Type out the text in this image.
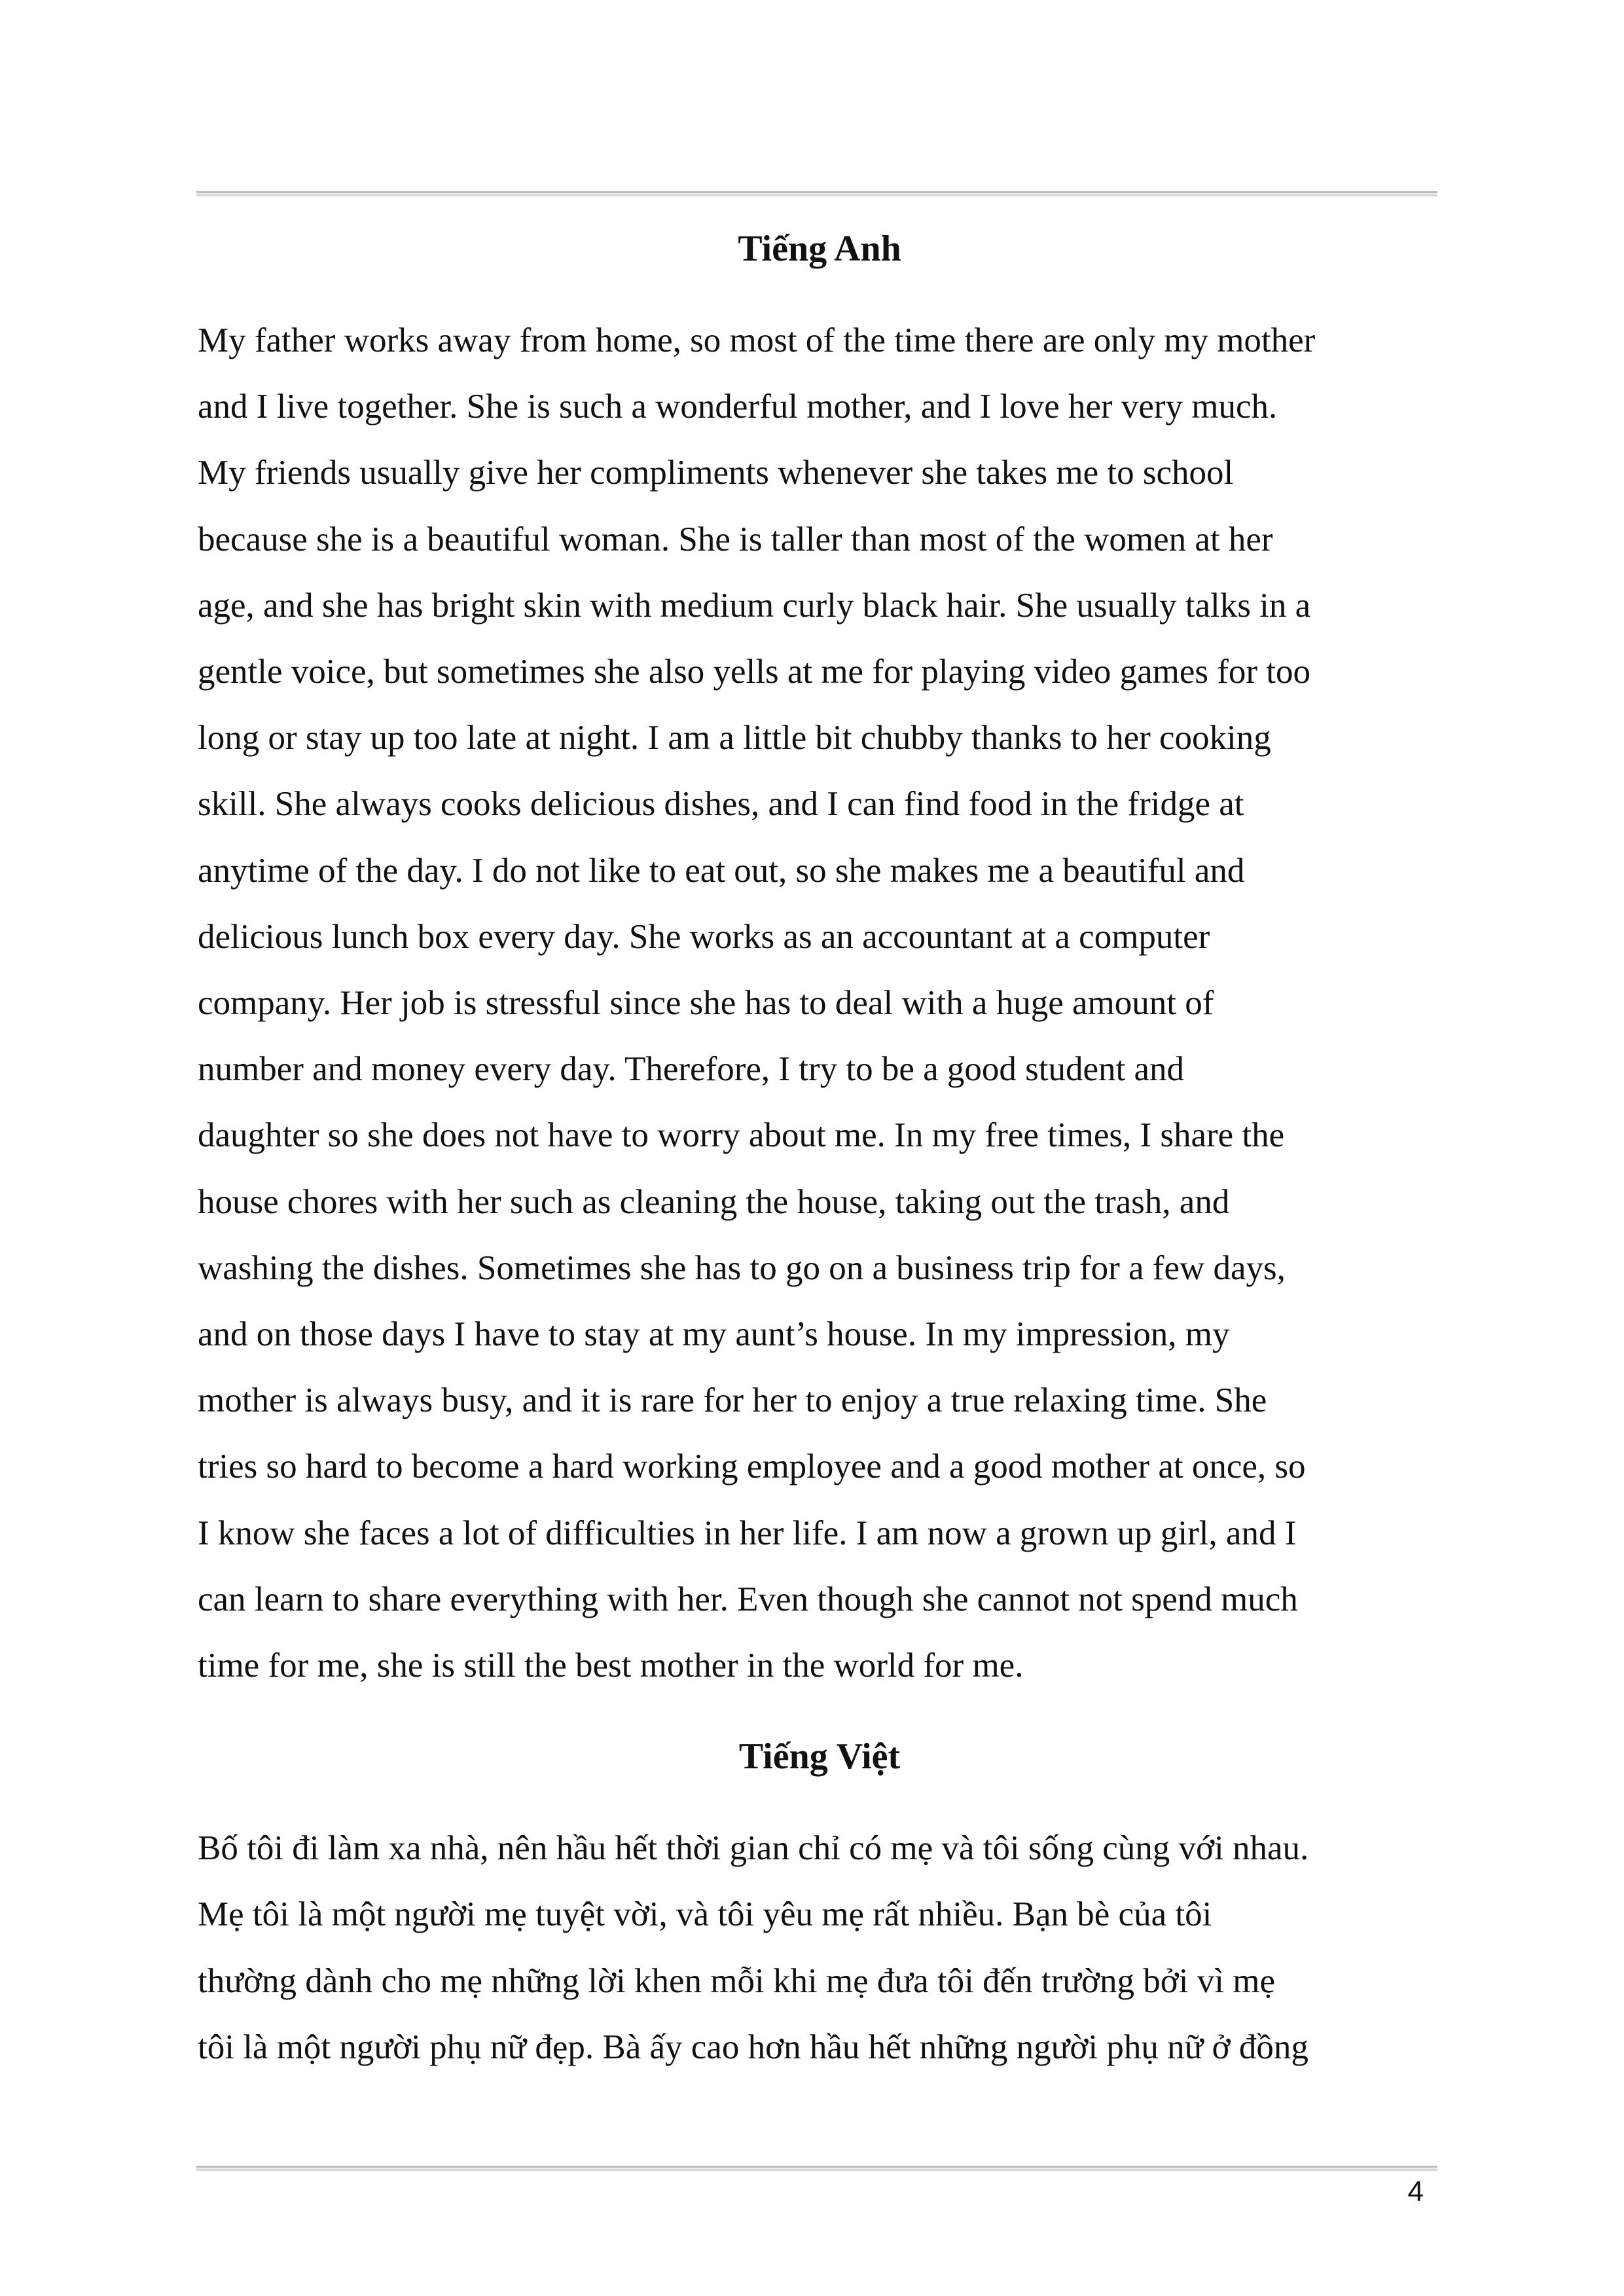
Tiếng Anh

My father works away from home, so most of the time there are only my mother
and I live together. She is such a wonderful mother, and I love her very much.
My friends usually give her compliments whenever she takes me to school
because she is a beautiful woman. She is taller than most of the women at her
age, and she has bright skin with medium curly black hair. She usually talks in a
gentle voice, but sometimes she also yells at me for playing video games for too
long or stay up too late at night. I am a little bit chubby thanks to her cooking
skill. She always cooks delicious dishes, and I can find food in the fridge at
anytime of the day. I do not like to eat out, so she makes me a beautiful and
delicious lunch box every day. She works as an accountant at a computer
company. Her job is stressful since she has to deal with a huge amount of
number and money every day. Therefore, I try to be a good student and
daughter so she does not have to worry about me. In my free times, I share the
house chores with her such as cleaning the house, taking out the trash, and
washing the dishes. Sometimes she has to go on a business trip for a few days,
and on those days I have to stay at my aunt’s house. In my impression, my
mother is always busy, and it is rare for her to enjoy a true relaxing time. She
tries so hard to become a hard working employee and a good mother at once, so
I know she faces a lot of difficulties in her life. I am now a grown up girl, and I
can learn to share everything with her. Even though she cannot not spend much
time for me, she is still the best mother in the world for me.

Tiếng Việt

Bố tôi đi làm xa nhà, nên hầu hết thời gian chỉ có mẹ và tôi sống cùng với nhau.
Mẹ tôi là một người mẹ tuyệt vời, và tôi yêu mẹ rất nhiều. Bạn bè của tôi
thường dành cho mẹ những lời khen mỗi khi mẹ đưa tôi đến trường bởi vì mẹ
tôi là một người phụ nữ đẹp. Bà ấy cao hơn hầu hết những người phụ nữ ở đồng

4
